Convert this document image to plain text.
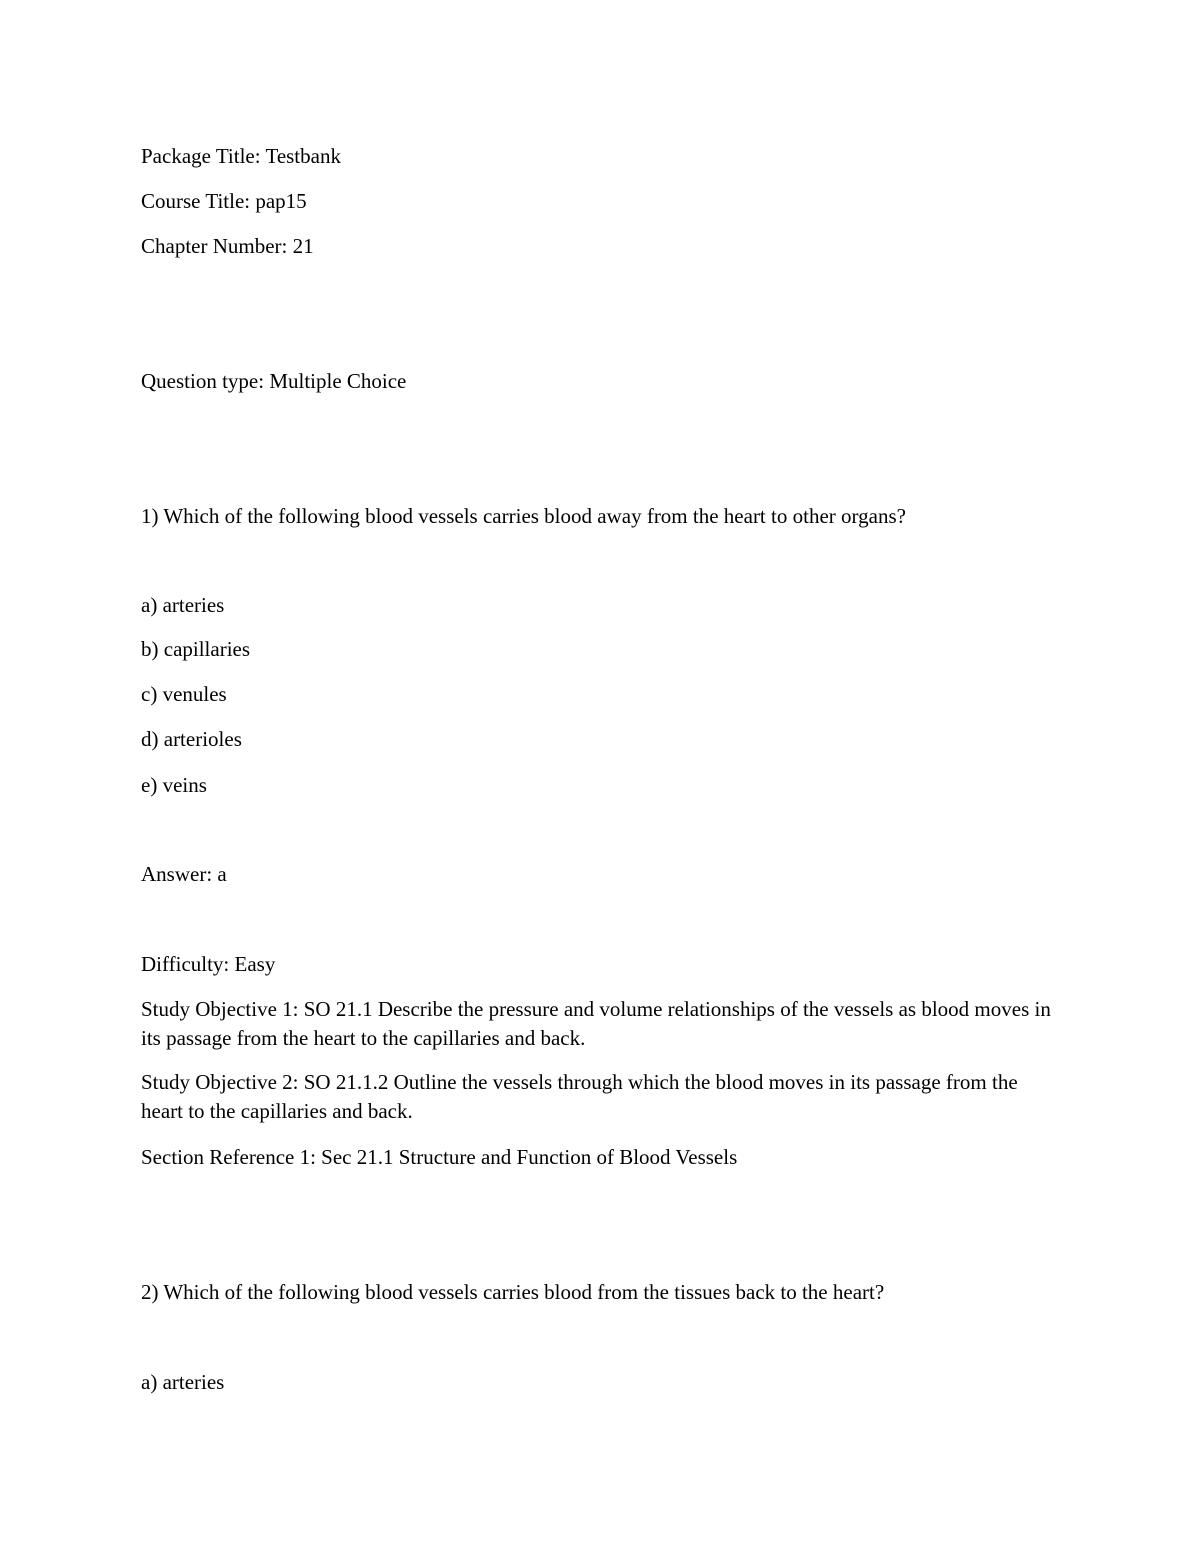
Package Title: Testbank
Course Title: pap15
Chapter Number: 21
Question type: Multiple Choice
1) Which of the following blood vessels carries blood away from the heart to other organs?
a) arteries
b) capillaries
c) venules
d) arterioles
e) veins
Answer: a
Difficulty: Easy
Study Objective 1: SO 21.1 Describe the pressure and volume relationships of the vessels as blood moves in its passage from the heart to the capillaries and back.
Study Objective 2: SO 21.1.2 Outline the vessels through which the blood moves in its passage from the heart to the capillaries and back.
Section Reference 1: Sec 21.1 Structure and Function of Blood Vessels
2) Which of the following blood vessels carries blood from the tissues back to the heart?
a) arteries
